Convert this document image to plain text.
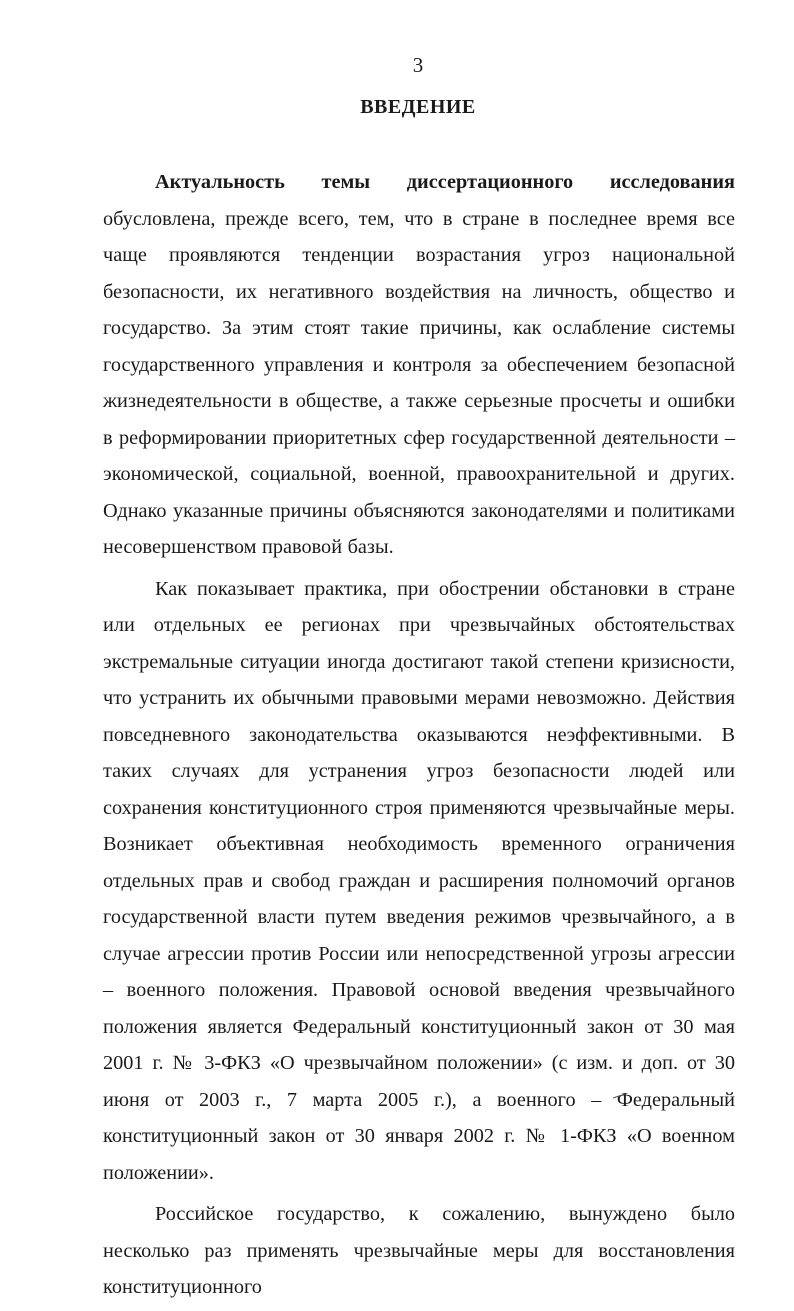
3
ВВЕДЕНИЕ

Актуальность темы диссертационного исследования обусловлена, прежде всего, тем, что в стране в последнее время все чаще проявляются тенденции возрастания угроз национальной безопасности, их негативного воздействия на личность, общество и государство. За этим стоят такие причины, как ослабление системы государственного управления и контроля за обеспечением безопасной жизнедеятельности в обществе, а также серьезные просчеты и ошибки в реформировании приоритетных сфер государственной деятельности – экономической, социальной, военной, правоохранительной и других. Однако указанные причины объясняются законодателями и политиками несовершенством правовой базы.

Как показывает практика, при обострении обстановки в стране или отдельных ее регионах при чрезвычайных обстоятельствах экстремальные ситуации иногда достигают такой степени кризисности, что устранить их обычными правовыми мерами невозможно. Действия повседневного законодательства оказываются неэффективными. В таких случаях для устранения угроз безопасности людей или сохранения конституционного строя применяются чрезвычайные меры. Возникает объективная необходимость временного ограничения отдельных прав и свобод граждан и расширения полномочий органов государственной власти путем введения режимов чрезвычайного, а в случае агрессии против России или непосредственной угрозы агрессии – военного положения. Правовой основой введения чрезвычайного положения является Федеральный конституционный закон от 30 мая 2001 г. № 3-ФКЗ «О чрезвычайном положении» (с изм. и доп. от 30 июня от 2003 г., 7 марта 2005 г.), а военного – Федеральный конституционный закон от 30 января 2002 г. № 1-ФКЗ «О военном положении».

Российское государство, к сожалению, вынуждено было несколько раз применять чрезвычайные меры для восстановления конституционного
